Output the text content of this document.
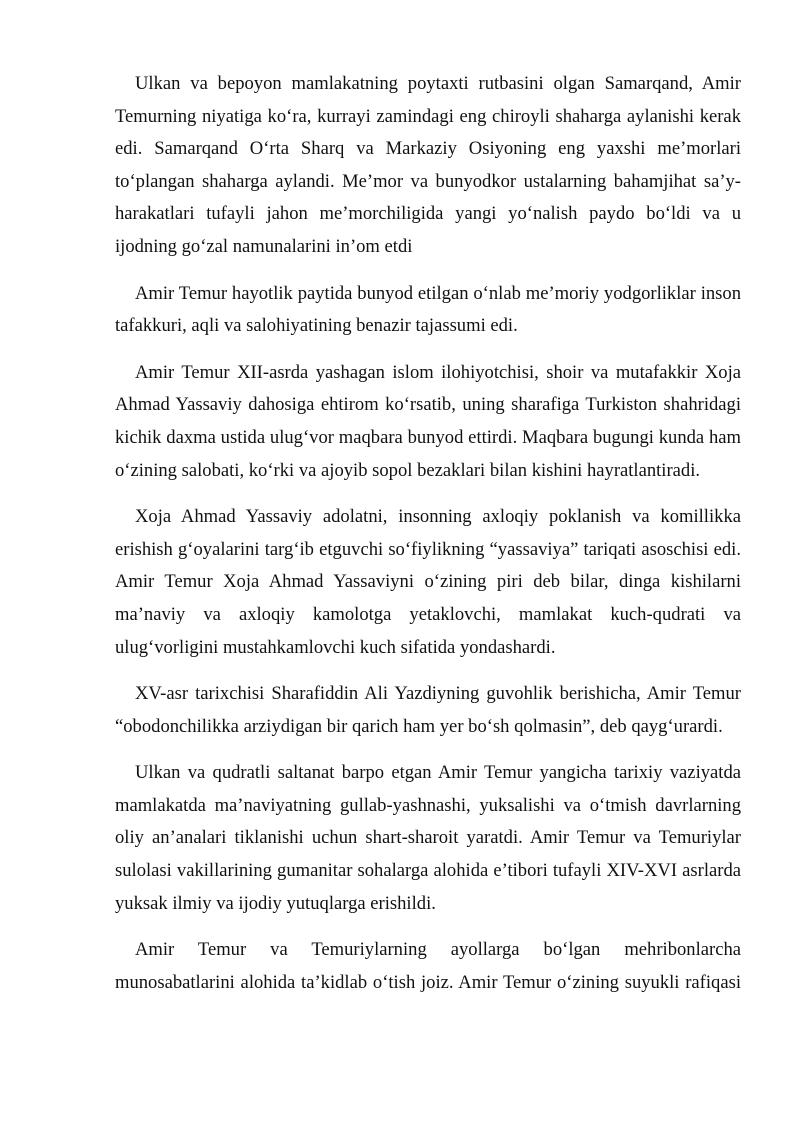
Ulkan va bepoyon mamlakatning poytaxti rutbasini olgan Samarqand, Amir Temurning niyatiga ko‘ra, kurrayi zamindagi eng chiroyli shaharga aylanishi kerak edi. Samarqand O‘rta Sharq va Markaziy Osiyoning eng yaxshi me’morlari to‘plangan shaharga aylandi. Me’mor va bunyodkor ustalarning bahamjihat sa’y-harakatlari tufayli jahon me’morchiligida yangi yo‘nalish paydo bo‘ldi va u ijodning go‘zal namunalarini in’om etdi

Amir Temur hayotlik paytida bunyod etilgan o‘nlab me’moriy yodgorliklar inson tafakkuri, aqli va salohiyatining benazir tajassumi edi.

Amir Temur XII-asrda yashagan islom ilohiyotchisi, shoir va mutafakkir Xoja Ahmad Yassaviy dahosiga ehtirom ko‘rsatib, uning sharafiga Turkiston shahridagi kichik daxma ustida ulug‘vor maqbara bunyod ettirdi. Maqbara bugungi kunda ham o‘zining salobati, ko‘rki va ajoyib sopol bezaklari bilan kishini hayratlantiradi.

Xoja Ahmad Yassaviy adolatni, insonning axloqiy poklanish va komillikka erishish g‘oyalarini targ‘ib etguvchi so‘fiylikning “yassaviya” tariqati asoschisi edi. Amir Temur Xoja Ahmad Yassaviyni o‘zining piri deb bilar, dinga kishilarni ma’naviy va axloqiy kamolotga yetaklovchi, mamlakat kuch-qudrati va ulug‘vorligini mustahkamlovchi kuch sifatida yondashardi.

XV-asr tarixchisi Sharafiddin Ali Yazdiyning guvohlik berishicha, Amir Temur “obodonchilikka arziydigan bir qarich ham yer bo‘sh qolmasin”, deb qayg‘urardi.

Ulkan va qudratli saltanat barpo etgan Amir Temur yangicha tarixiy vaziyatda mamlakatda ma’naviyatning gullab-yashnashi, yuksalishi va o‘tmish davrlarning oliy an’analari tiklanishi uchun shart-sharoit yaratdi. Amir Temur va Temuriylar sulolasi vakillarining gumanitar sohalarga alohida e’tibori tufayli XIV-XVI asrlarda yuksak ilmiy va ijodiy yutuqlarga erishildi.

Amir Temur va Temuriylarning ayollarga bo‘lgan mehribonlarcha munosabatlarini alohida ta’kidlab o‘tish joiz. Amir Temur o‘zining suyukli rafiqasi
